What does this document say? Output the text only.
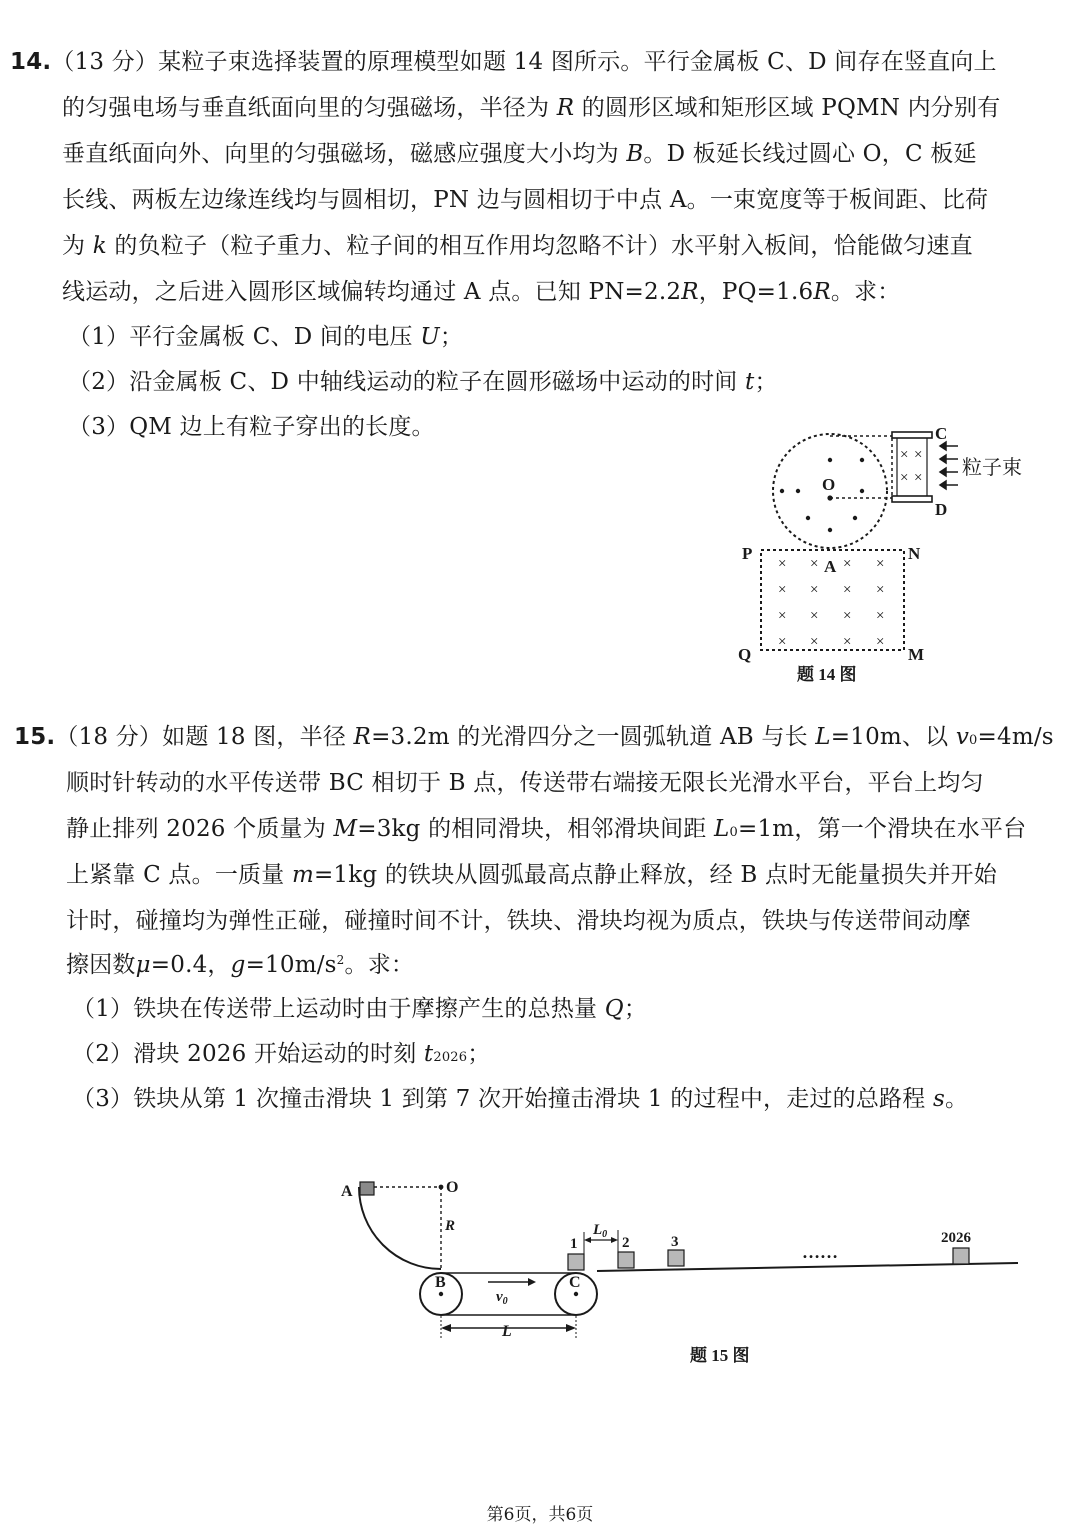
14.（13 分）某粒子束选择装置的原理模型如题 14 图所示。平行金属板 C、D 间存在竖直向上
的匀强电场与垂直纸面向里的匀强磁场，半径为 R 的圆形区域和矩形区域 PQMN 内分别有
垂直纸面向外、向里的匀强磁场，磁感应强度大小均为 B。D 板延长线过圆心 O，C 板延
长线、两板左边缘连线均与圆相切，PN 边与圆相切于中点 A。一束宽度等于板间距、比荷
为 k 的负粒子（粒子重力、粒子间的相互作用均忽略不计）水平射入板间，恰能做匀速直
线运动，之后进入圆形区域偏转均通过 A 点。已知 PN=2.2R，PQ=1.6R。求：
（1）平行金属板 C、D 间的电压 U；
（2）沿金属板 C、D 中轴线运动的粒子在圆形磁场中运动的时间 t；
（3）QM 边上有粒子穿出的长度。
O
× ×
× ×
C
D
粒子束
× × × ×
× × × ×
× × × ×
× × × ×
A
P	N
Q	M
题 14 图
15.（18 分）如题 18 图，半径 R=3.2m 的光滑四分之一圆弧轨道 AB 与长 L=10m、以 v0=4m/s
顺时针转动的水平传送带 BC 相切于 B 点，传送带右端接无限长光滑水平台，平台上均匀
静止排列 2026 个质量为 M=3kg 的相同滑块，相邻滑块间距 L0=1m，第一个滑块在水平台
上紧靠 C 点。一质量 m=1kg 的铁块从圆弧最高点静止释放，经 B 点时无能量损失并开始
计时，碰撞均为弹性正碰，碰撞时间不计，铁块、滑块均视为质点，铁块与传送带间动摩
擦因数μ=0.4，$g=10m/s^2$。求：
（1）铁块在传送带上运动时由于摩擦产生的总热量 Q；
（2）滑块 2026 开始运动的时刻 t2026；
（3）铁块从第 1 次撞击滑块 1 到第 7 次开始撞击滑块 1 的过程中，走过的总路程 s。
A	O
R
B	C
$v_0$
L
1	2	3	2026
……
$L_0$
题 15 图
第6页，共6页
